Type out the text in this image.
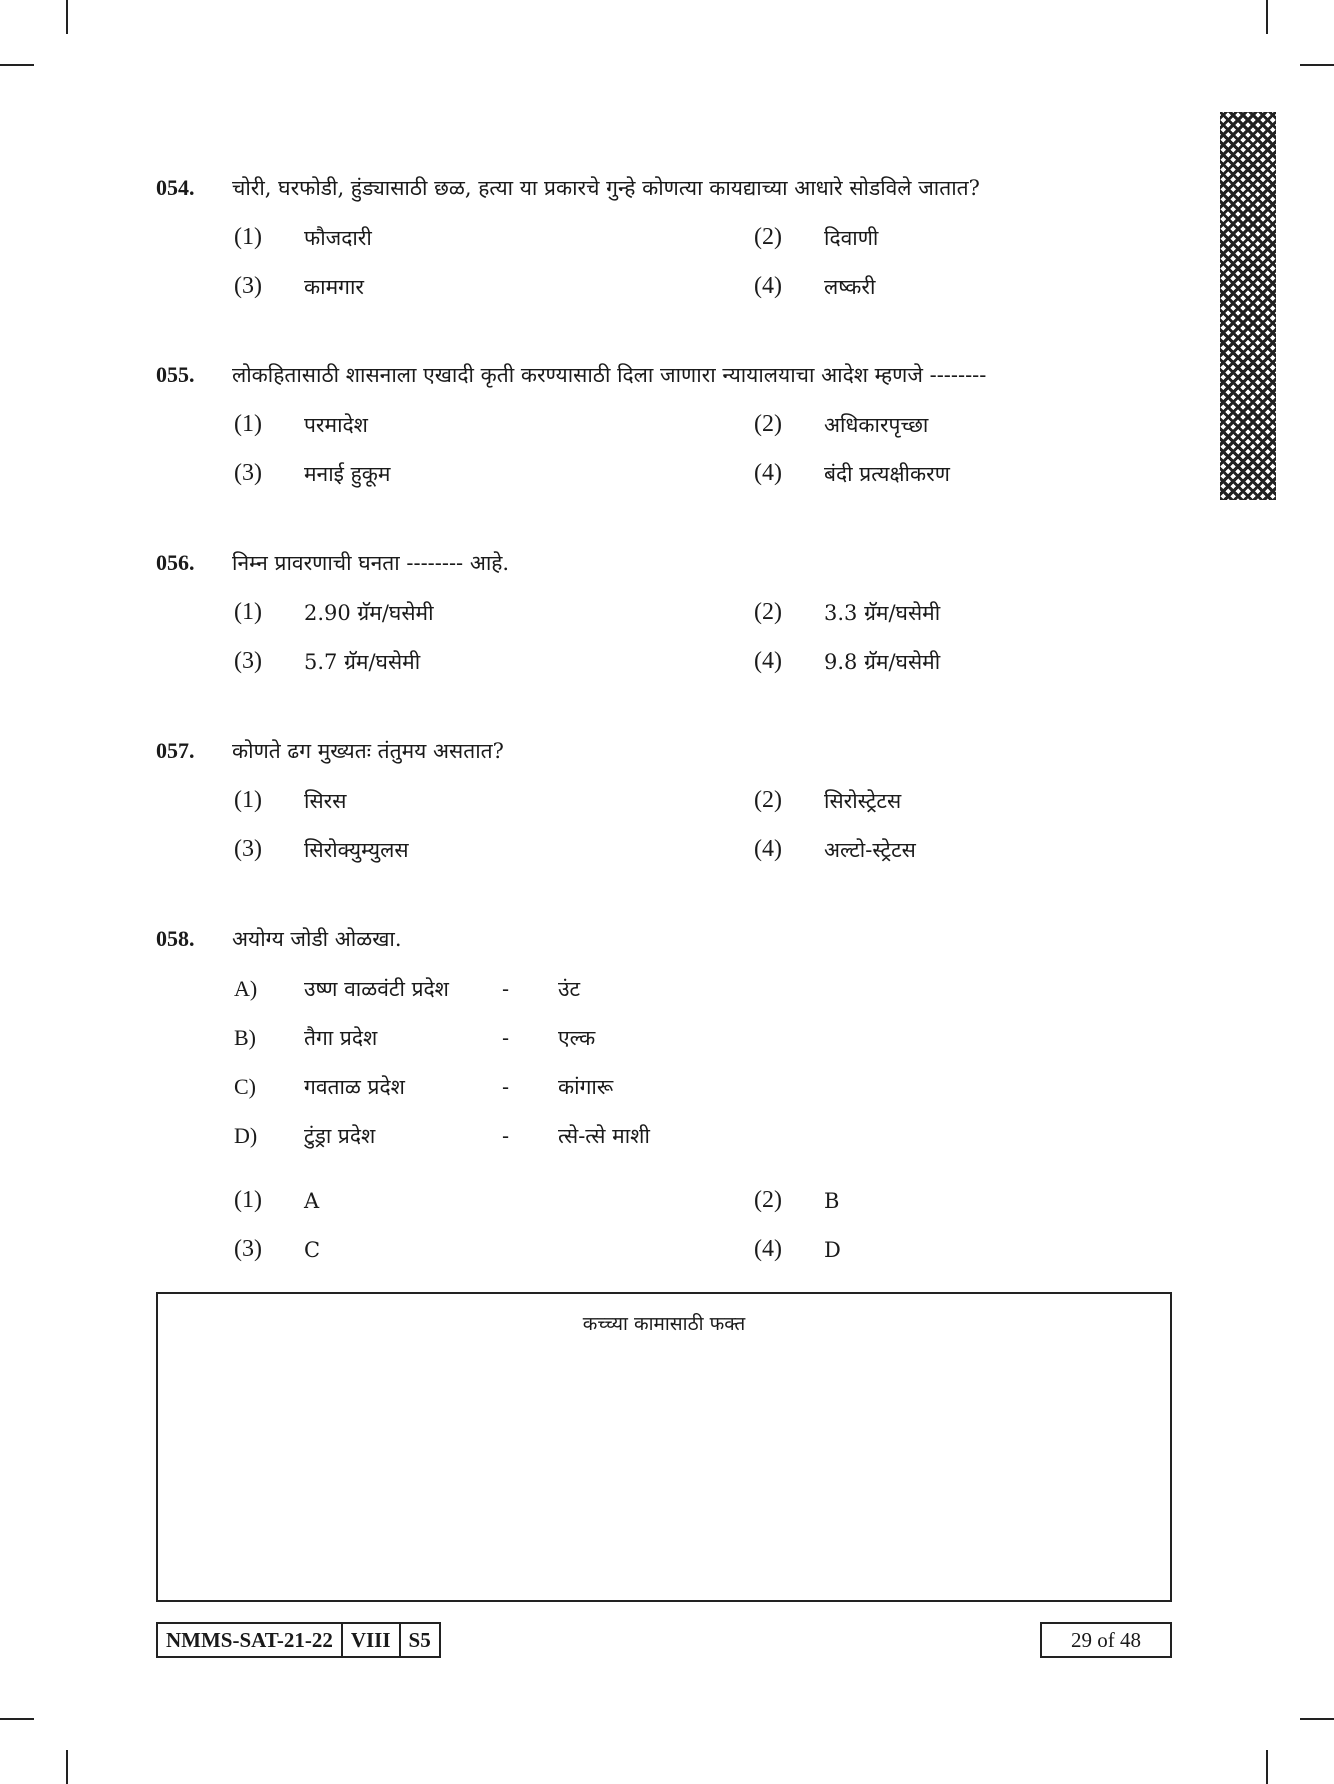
054.	चोरी, घरफोडी, हुंड्यासाठी छळ, हत्या या प्रकारचे गुन्हे कोणत्या कायद्याच्या आधारे सोडविले जातात?
(1)	फौजदारी	(2)	दिवाणी
(3)	कामगार	(4)	लष्करी
055.	लोकहितासाठी शासनाला एखादी कृती करण्यासाठी दिला जाणारा न्यायालयाचा आदेश म्हणजे --------
(1)	परमादेश	(2)	अधिकारपृच्छा
(3)	मनाई हुकूम	(4)	बंदी प्रत्यक्षीकरण
056.	निम्न प्रावरणाची घनता -------- आहे.
(1)	2.90 ग्रॅम/घसेमी	(2)	3.3 ग्रॅम/घसेमी
(3)	5.7 ग्रॅम/घसेमी	(4)	9.8 ग्रॅम/घसेमी
057.	कोणते ढग मुख्यतः तंतुमय असतात?
(1)	सिरस	(2)	सिरोस्ट्रेटस
(3)	सिरोक्युम्युलस	(4)	अल्टो-स्ट्रेटस
058.	अयोग्य जोडी ओळखा.
A)	उष्ण वाळवंटी प्रदेश	-	उंट
B)	तैगा प्रदेश	-	एल्क
C)	गवताळ प्रदेश	-	कांगारू
D)	टुंड्रा प्रदेश	-	त्से-त्से माशी
(1)	A	(2)	B
(3)	C	(4)	D
कच्च्या कामासाठी फक्त
NMMS-SAT-21-22 VIII S5	29 of 48
